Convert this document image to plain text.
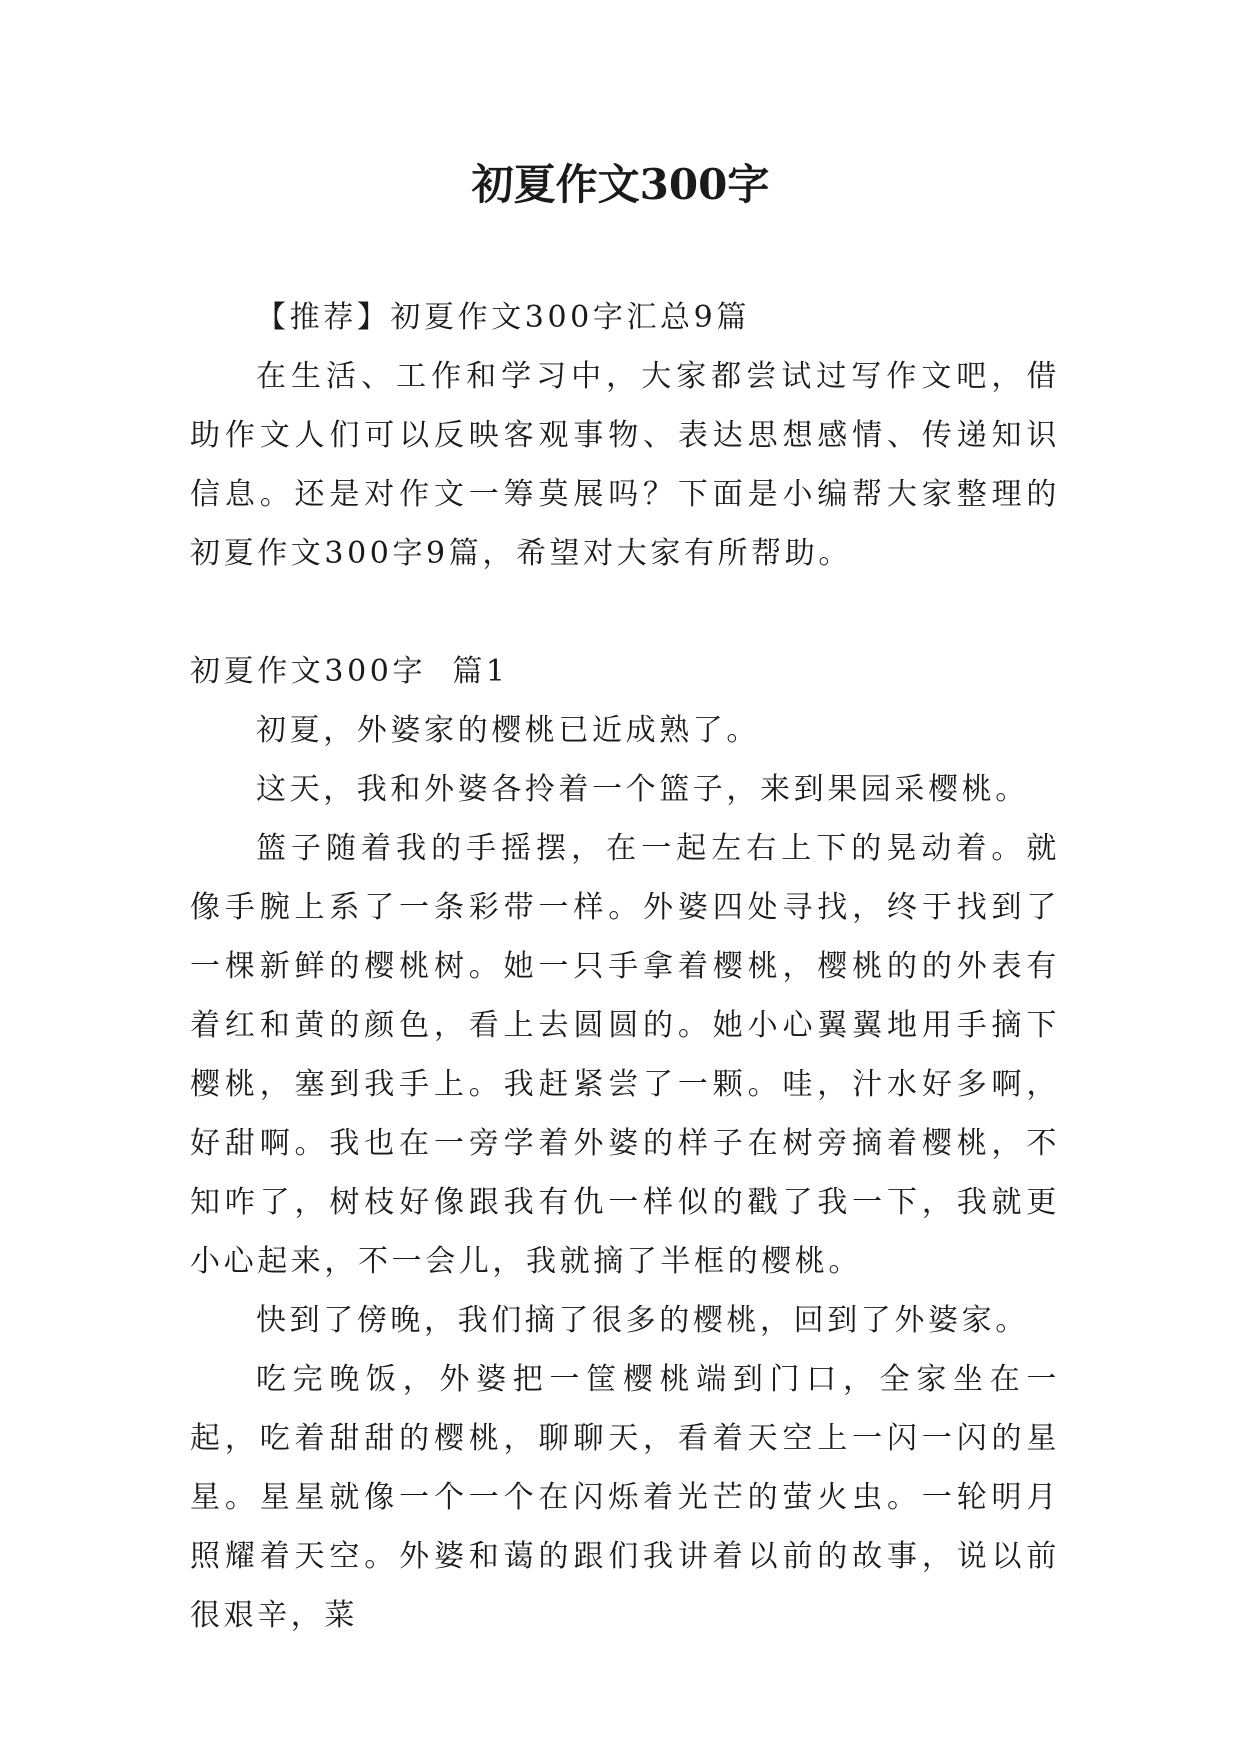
初夏作文300字

【推荐】初夏作文300字汇总9篇

在生活、工作和学习中，大家都尝试过写作文吧，借助作文人们可以反映客观事物、表达思想感情、传递知识信息。还是对作文一筹莫展吗？下面是小编帮大家整理的初夏作文300字9篇，希望对大家有所帮助。

初夏作文300字  篇1

初夏，外婆家的樱桃已近成熟了。

这天，我和外婆各拎着一个篮子，来到果园采樱桃。

篮子随着我的手摇摆，在一起左右上下的晃动着。就像手腕上系了一条彩带一样。外婆四处寻找，终于找到了一棵新鲜的樱桃树。她一只手拿着樱桃，樱桃的的外表有着红和黄的颜色，看上去圆圆的。她小心翼翼地用手摘下樱桃，塞到我手上。我赶紧尝了一颗。哇，汁水好多啊，好甜啊。我也在一旁学着外婆的样子在树旁摘着樱桃，不知咋了，树枝好像跟我有仇一样似的戳了我一下，我就更小心起来，不一会儿，我就摘了半框的樱桃。

快到了傍晚，我们摘了很多的樱桃，回到了外婆家。

吃完晚饭，外婆把一筐樱桃端到门口，全家坐在一起，吃着甜甜的樱桃，聊聊天，看着天空上一闪一闪的星星。星星就像一个一个在闪烁着光芒的萤火虫。一轮明月照耀着天空。外婆和蔼的跟们我讲着以前的故事，说以前很艰辛，菜
